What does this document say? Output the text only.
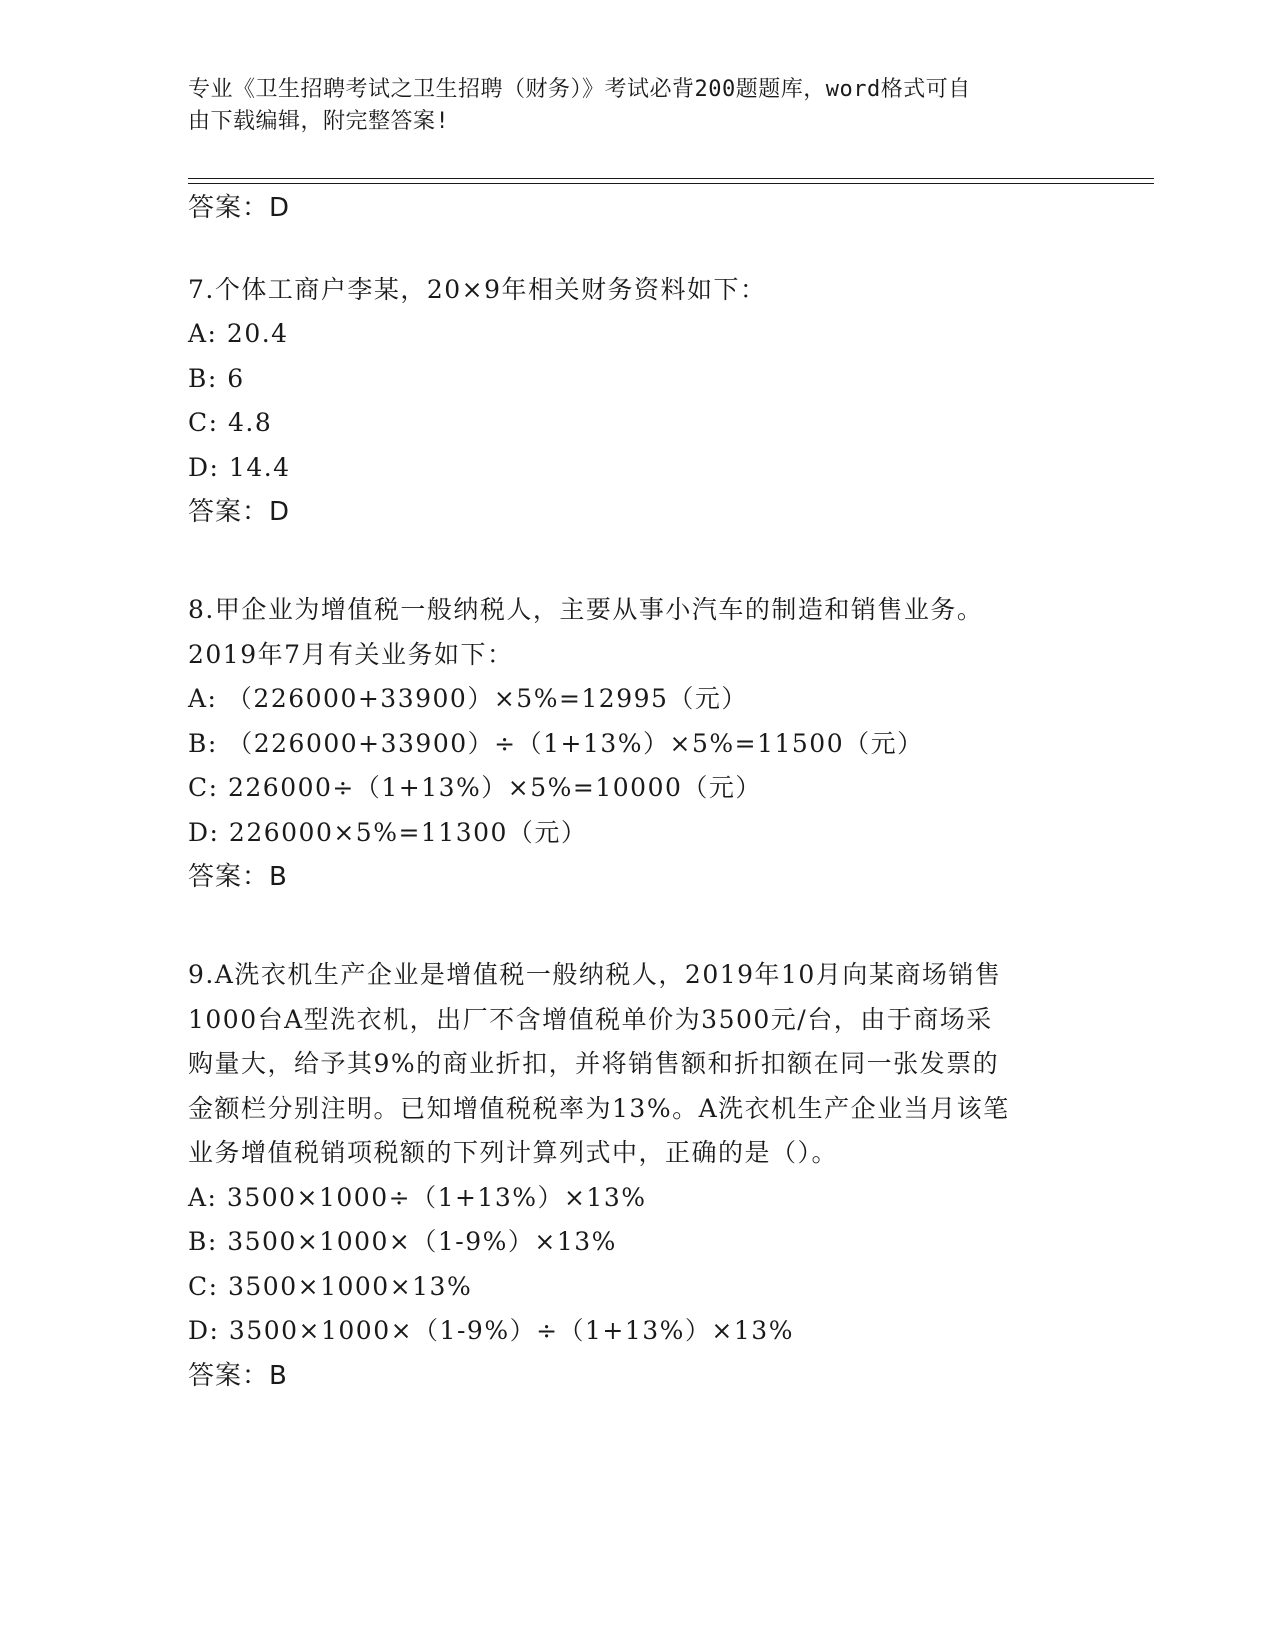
专业《卫生招聘考试之卫生招聘（财务）》考试必背200题题库，word格式可自
由下载编辑，附完整答案!
答案：D
7.个体工商户李某，20×9年相关财务资料如下：
A: 20.4
B: 6
C: 4.8
D: 14.4
答案：D
8.甲企业为增值税一般纳税人，主要从事小汽车的制造和销售业务。
2019年7月有关业务如下：
A: （226000+33900）×5%=12995（元）
B: （226000+33900）÷（1+13%）×5%=11500（元）
C: 226000÷（1+13%）×5%=10000（元）
D: 226000×5%=11300（元）
答案：B
9.A洗衣机生产企业是增值税一般纳税人，2019年10月向某商场销售
1000台A型洗衣机，出厂不含增值税单价为3500元/台，由于商场采
购量大，给予其9%的商业折扣，并将销售额和折扣额在同一张发票的
金额栏分别注明。已知增值税税率为13%。A洗衣机生产企业当月该笔
业务增值税销项税额的下列计算列式中，正确的是（）。
A: 3500×1000÷（1+13%）×13%
B: 3500×1000×（1-9%）×13%
C: 3500×1000×13%
D: 3500×1000×（1-9%）÷（1+13%）×13%
答案：B
